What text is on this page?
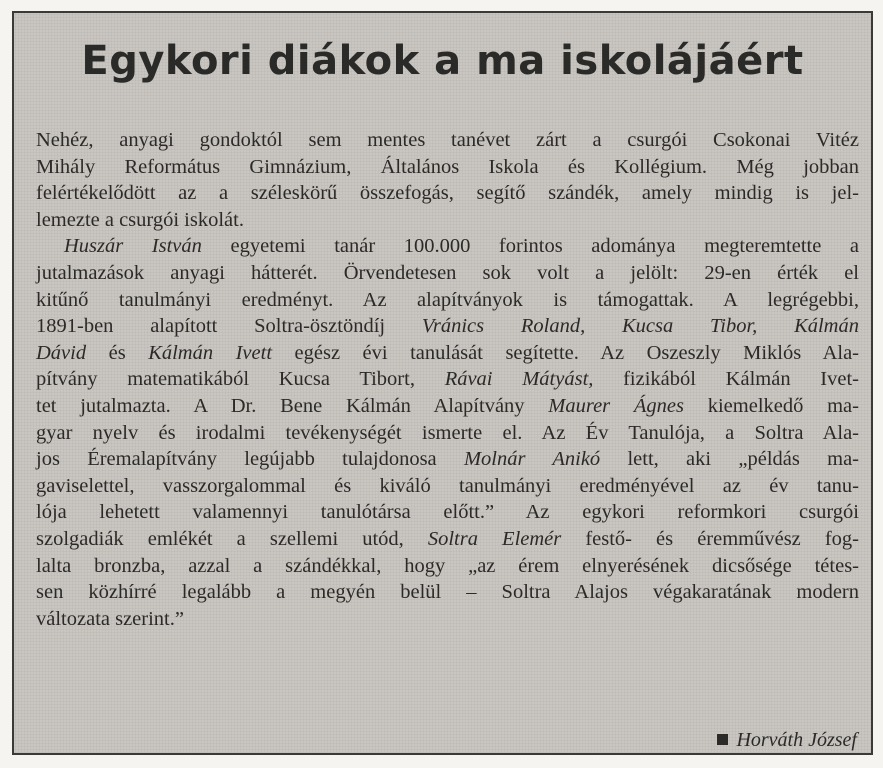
Egykori diákok a ma iskolájáért
Nehéz, anyagi gondoktól sem mentes tanévet zárt a csurgói Csokonai Vitéz
Mihály Református Gimnázium, Általános Iskola és Kollégium. Még jobban
felértékelődött az a széleskörű összefogás, segítő szándék, amely mindig is jel-
lemezte a csurgói iskolát.
Huszár István egyetemi tanár 100.000 forintos adománya megteremtette a
jutalmazások anyagi hátterét. Örvendetesen sok volt a jelölt: 29-en érték el
kitűnő tanulmányi eredményt. Az alapítványok is támogattak. A legrégebbi,
1891-ben alapított Soltra-ösztöndíj Vránics Roland, Kucsa Tibor, Kálmán
Dávid és Kálmán Ivett egész évi tanulását segítette. Az Oszeszly Miklós Ala-
pítvány matematikából Kucsa Tibort, Rávai Mátyást, fizikából Kálmán Ivet-
tet jutalmazta. A Dr. Bene Kálmán Alapítvány Maurer Ágnes kiemelkedő ma-
gyar nyelv és irodalmi tevékenységét ismerte el. Az Év Tanulója, a Soltra Ala-
jos Éremalapítvány legújabb tulajdonosa Molnár Anikó lett, aki „példás ma-
gaviselettel, vasszorgalommal és kiváló tanulmányi eredményével az év tanu-
lója lehetett valamennyi tanulótársa előtt.” Az egykori reformkori csurgói
szolgadiák emlékét a szellemi utód, Soltra Elemér festő- és éremművész fog-
lalta bronzba, azzal a szándékkal, hogy „az érem elnyerésének dicsősége tétes-
sen közhírré legalább a megyén belül – Soltra Alajos végakaratának modern
változata szerint.”
Horváth József
